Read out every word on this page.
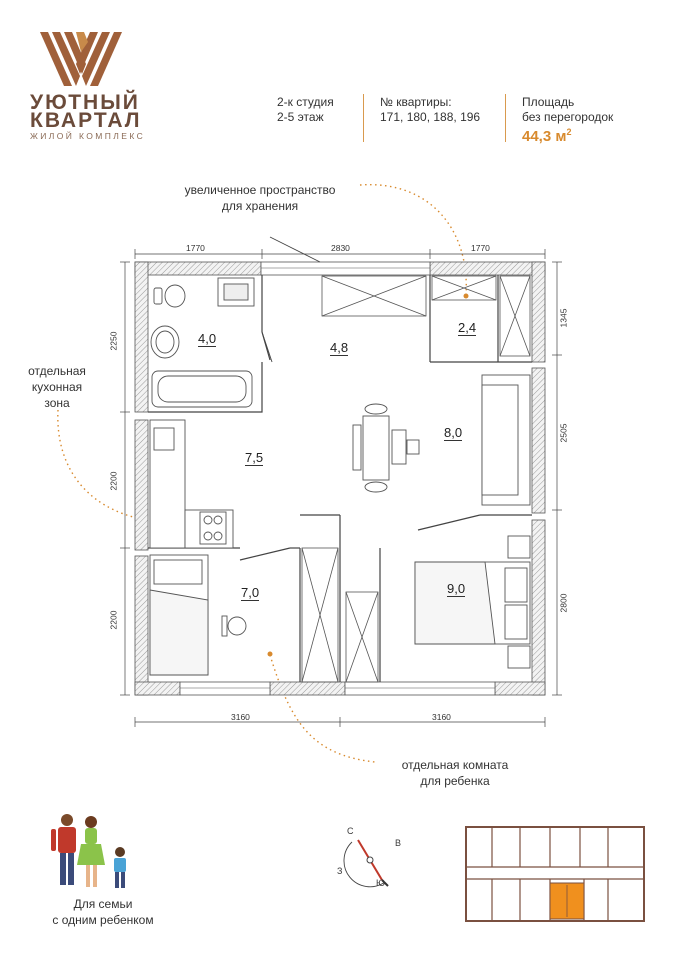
УЮТНЫЙ
КВАРТАЛ
ЖИЛОЙ КОМПЛЕКС
2-к студия
2-5 этаж
№ квартиры:
171, 180, 188, 196
Площадь
без перегородок
44,3 $м^2$
увеличенное пространство
для хранения
отдельная
кухонная
зона
отдельная комната
для ребенка
4,0
4,8
2,4
7,5
8,0
7,0	9,0
1770	2830	1770
3160	3160
2250
2200
2200
1345
2505
2800
Для семьи
с одним ребенком
С
В
Ю
З
